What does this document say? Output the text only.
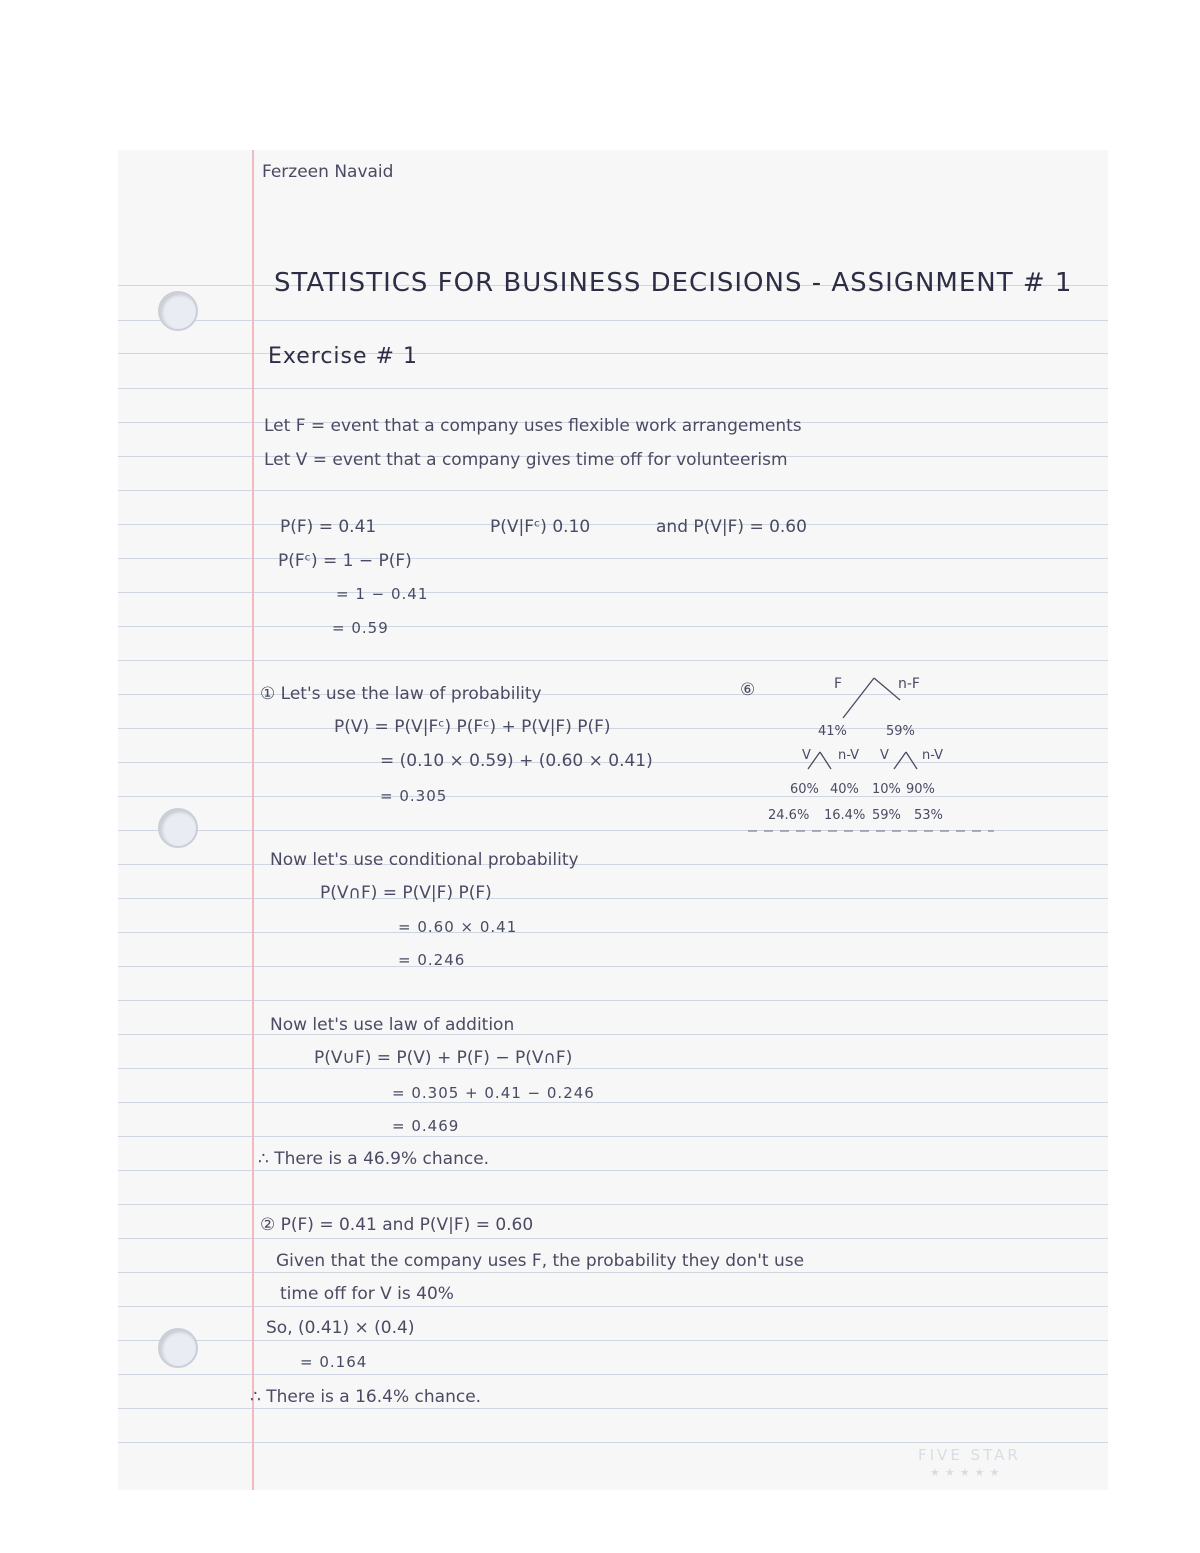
Ferzeen Navaid
STATISTICS FOR BUSINESS DECISIONS - ASSIGNMENT # 1
Exercise # 1
Let F = event that a company uses flexible work arrangements
Let V = event that a company gives time off for volunteerism
P(F) = 0.41	P(V|Fᶜ) 0.10	and P(V|F) = 0.60
P(Fᶜ) = 1 − P(F)
= 1 − 0.41
= 0.59
① Let's use the law of probability
P(V) = P(V|Fᶜ) P(Fᶜ) + P(V|F) P(F)
= (0.10 × 0.59) + (0.60 × 0.41)
= 0.305
Now let's use conditional probability
P(V∩F) = P(V|F) P(F)
= 0.60 × 0.41
= 0.246
Now let's use law of addition
P(V∪F) = P(V) + P(F) − P(V∩F)
= 0.305 + 0.41 − 0.246
= 0.469
∴ There is a 46.9% chance.
② P(F) = 0.41 and P(V|F) = 0.60
Given that the company uses F, the probability they don't use
time off for V is 40%
So, (0.41) × (0.4)
= 0.164
∴ There is a 16.4% chance.
⑥	F	n-F
41%	59%
V n-V V	n-V
60% 40% 10% 90%
24.6% 16.4% 59% 53%
FIVE STAR
★★★★★
